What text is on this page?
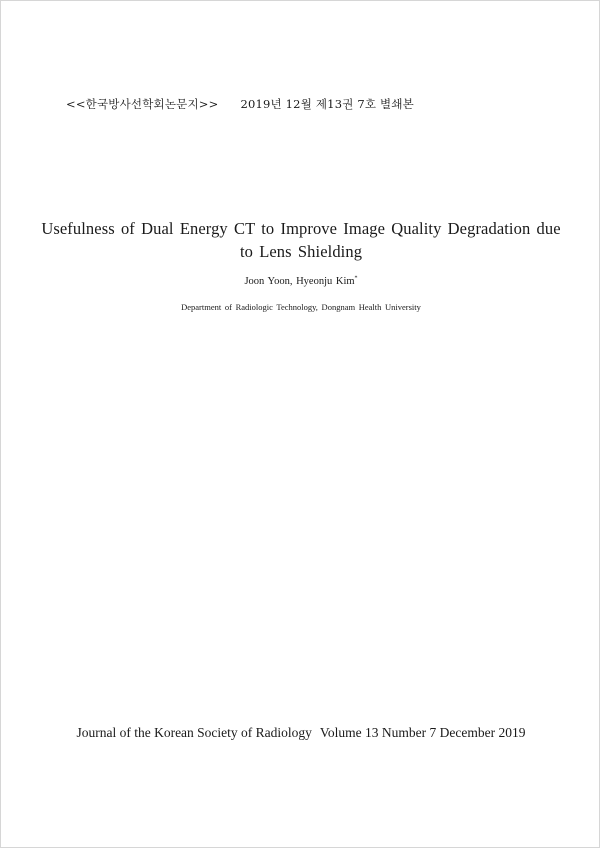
<<한국방사선학회논문지>> 2019년 12월 제13권 7호 별쇄본
Usefulness of Dual Energy CT to Improve Image Quality Degradation due
to Lens Shielding
Joon Yoon, Hyeonju Kim*
Department of Radiologic Technology, Dongnam Health University
Journal of the Korean Society of Radiology Volume 13 Number 7 December 2019
